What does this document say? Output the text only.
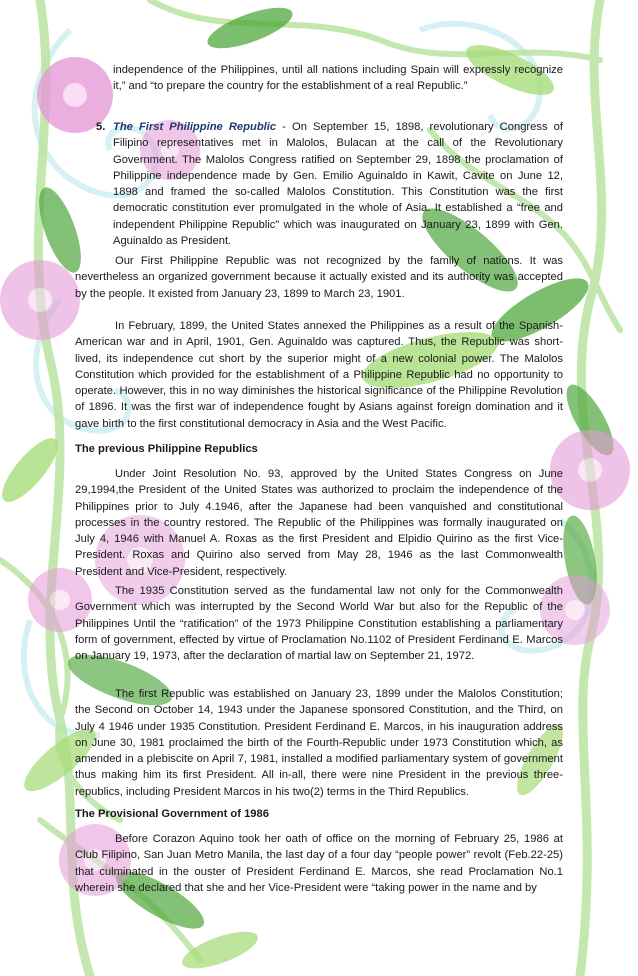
independence of the Philippines, until all nations including Spain will expressly recognize it,” and “to prepare the country for the establishment of a real Republic.”

5. The First Philippine Republic - On September 15, 1898, revolutionary Congress of Filipino representatives met in Malolos, Bulacan at the call of the Revolutionary Government. The Malolos Congress ratified on September 29, 1898 the proclamation of Philippine independence made by Gen. Emilio Aguinaldo in Kawit, Cavite on June 12, 1898 and framed the so-called Malolos Constitution. This Constitution was the first democratic constitution ever promulgated in the whole of Asia. It established a “free and independent Philippine Republic” which was inaugurated on January 23, 1899 with Gen. Aguinaldo as President.

Our First Philippine Republic was not recognized by the family of nations. It was nevertheless an organized government because it actually existed and its authority was accepted by the people. It existed from January 23, 1899 to March 23, 1901.

In February, 1899, the United States annexed the Philippines as a result of the Spanish-American war and in April, 1901, Gen. Aguinaldo was captured. Thus, the Republic was short-lived, its independence cut short by the superior might of a new colonial power. The Malolos Constitution which provided for the establishment of a Philippine Republic had no opportunity to operate. However, this in no way diminishes the historical significance of the Philippine Revolution of 1896. It was the first war of independence fought by Asians against foreign domination and it gave birth to the first constitutional democracy in Asia and the West Pacific.

The previous Philippine Republics

Under Joint Resolution No. 93, approved by the United States Congress on June 29,1994,the President of the United States was authorized to proclaim the independence of the Philippines prior to July 4.1946, after the Japanese had been vanquished and constitutional processes in the country restored. The Republic of the Philippines was formally inaugurated on July 4, 1946 with Manuel A. Roxas as the first President and Elpidio Quirino as the first Vice-President. Roxas and Quirino also served from May 28, 1946 as the last Commonwealth President and Vice-President, respectively.

The 1935 Constitution served as the fundamental law not only for the Commonwealth Government which was interrupted by the Second World War but also for the Republic of the Philippines Until the “ratification” of the 1973 Philippine Constitution establishing a parliamentary form of government, effected by virtue of Proclamation No.1102 of President Ferdinand E. Marcos on January 19, 1973, after the declaration of martial law on September 21, 1972.

The first Republic was established on January 23, 1899 under the Malolos Constitution; the Second on October 14, 1943 under the Japanese sponsored Constitution, and the Third, on July 4 1946 under 1935 Constitution. President Ferdinand E. Marcos, in his inauguration address on June 30, 1981 proclaimed the birth of the Fourth-Republic under 1973 Constitution which, as amended in a plebiscite on April 7, 1981, installed a modified parliamentary system of government thus making him its first President. All in-all, there were nine President in the previous three-republics, including President Marcos in his two(2) terms in the Third Republics.

The Provisional Government of 1986

Before Corazon Aquino took her oath of office on the morning of February 25, 1986 at Club Filipino, San Juan Metro Manila, the last day of a four day “people power” revolt (Feb.22-25) that culminated in the ouster of President Ferdinand E. Marcos, she read Proclamation No.1 wherein she declared that she and her Vice-President were “taking power in the name and by
